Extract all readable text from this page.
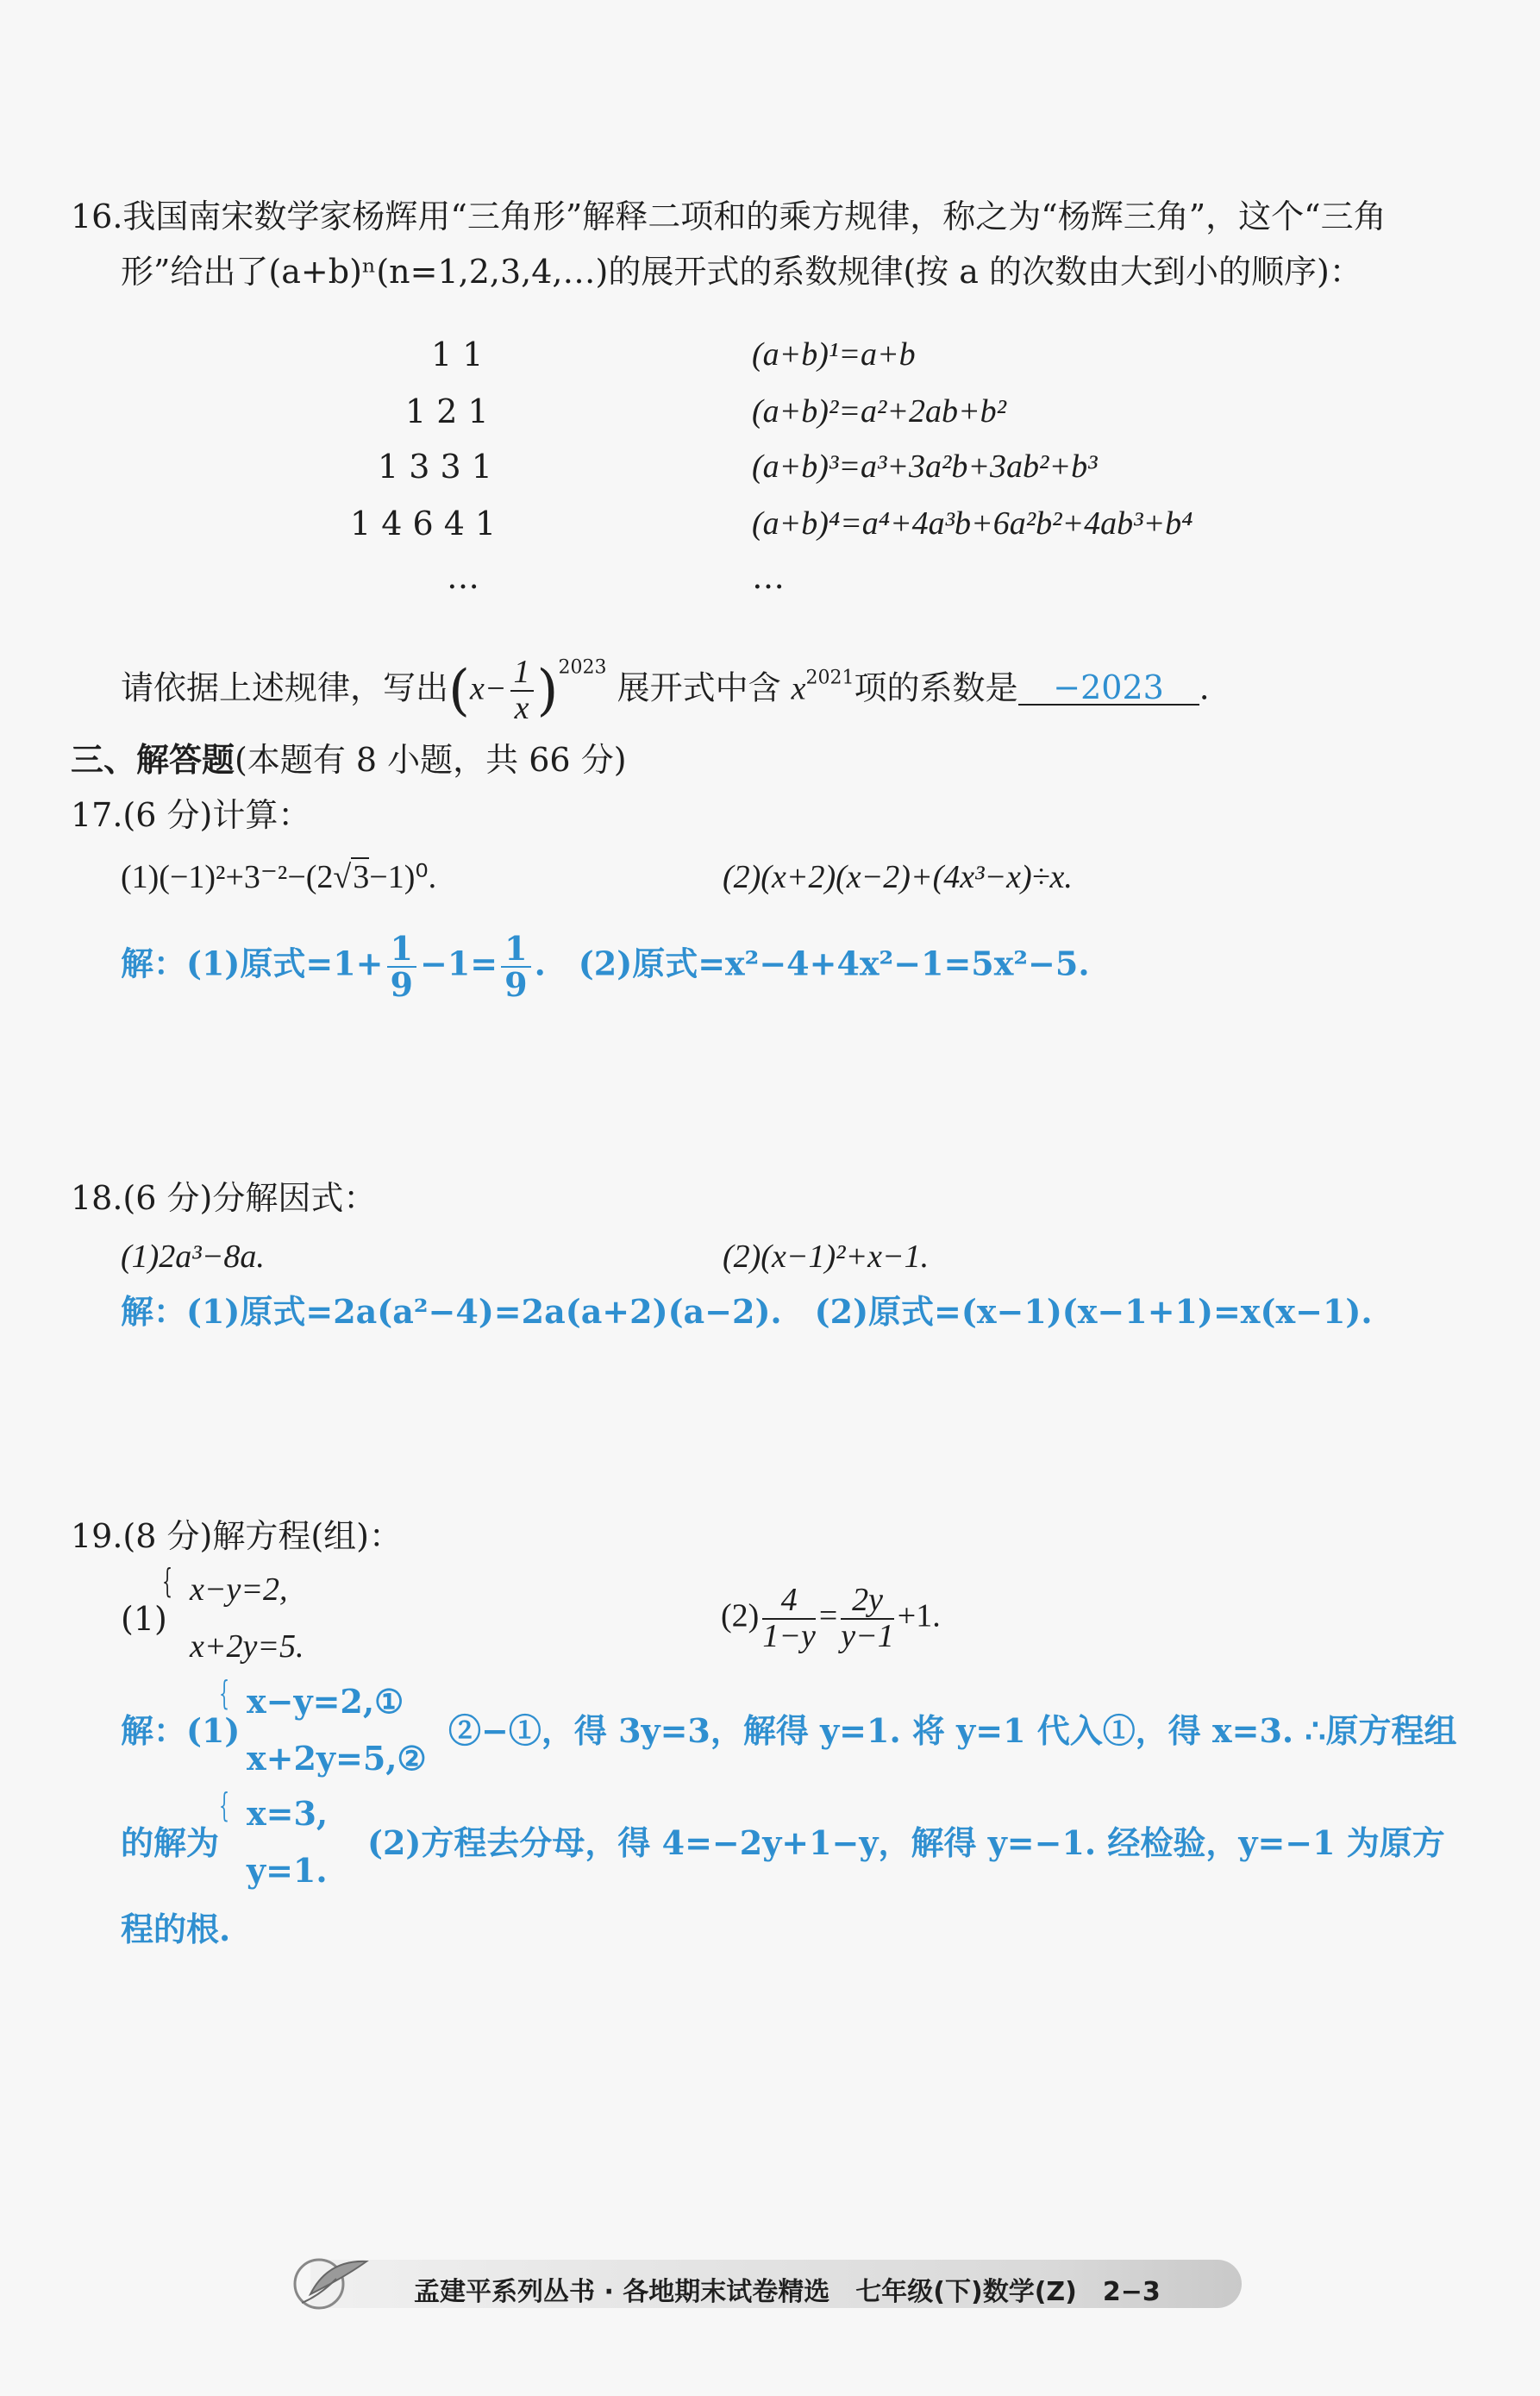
16.我国南宋数学家杨辉用“三角形”解释二项和的乘方规律，称之为“杨辉三角”，这个“三角
形”给出了(a+b)ⁿ(n=1,2,3,4,…)的展开式的系数规律(按 a 的次数由大到小的顺序)：
1 1
1 2 1
1 3 3 1
1 4 6 4 1
…
(a+b)¹=a+b
(a+b)²=a²+2ab+b²
(a+b)³=a³+3a²b+3ab²+b³
(a+b)⁴=a⁴+4a³b+6a²b²+4ab³+b⁴
…
请依据上述规律，写出$(x- \frac{1}{x} )^{2023}$ 展开式中含 $x^{2021}$项的系数是 −2023 .
三、解答题(本题有 8 小题，共 66 分)
17.(6 分)计算：
(1)(−1)²+3⁻²−(2√3−1)⁰.	(2)(x+2)(x−2)+(4x³−x)÷x.
解：(1)原式$=1+ \frac{1}{9} -1= \frac{1}{9}$ .　(2)原式=x²−4+4x²−1=5x²−5.
18.(6 分)分解因式：
(1)2a³−8a.	(2)(x−1)²+x−1.
解：(1)原式=2a(a²−4)=2a(a+2)(a−2).　(2)原式=(x−1)(x−1+1)=x(x−1).
19.(8 分)解方程(组)：
(1)
{ x−y=2,
x+2y=5.
$(2) \frac{4}{1-y} = \frac{2y}{y-1} +1$.
解：(1)
{ x−y=2,①
x+2y=5,②
②−①，得 3y=3，解得 y=1. 将 y=1 代入①，得 x=3. ∴原方程组
的解为
{ x=3,
y=1.
(2)方程去分母，得 4=−2y+1−y，解得 y=−1. 经检验，y=−1 为原方
程的根.
孟建平系列丛书 · 各地期末试卷精选　七年级(下)数学(Z)　2−3
